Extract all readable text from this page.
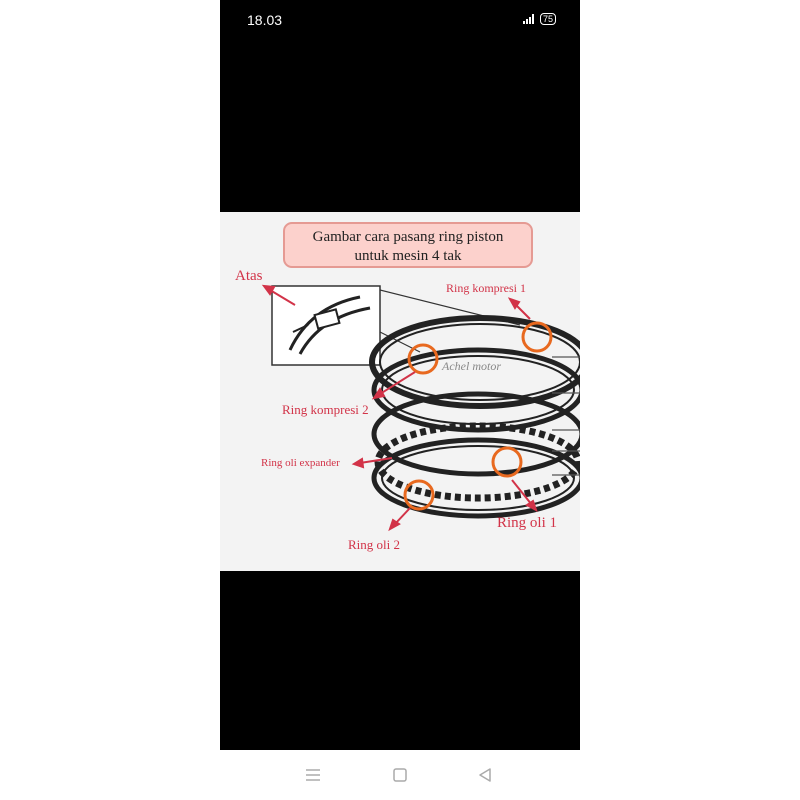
18.03	75
Gambar cara pasang ring piston
untuk mesin 4 tak
Atas
Ring kompresi 1
Ring kompresi 2
Ring oli expander
Ring oli 1
Ring oli 2
Achel motor
